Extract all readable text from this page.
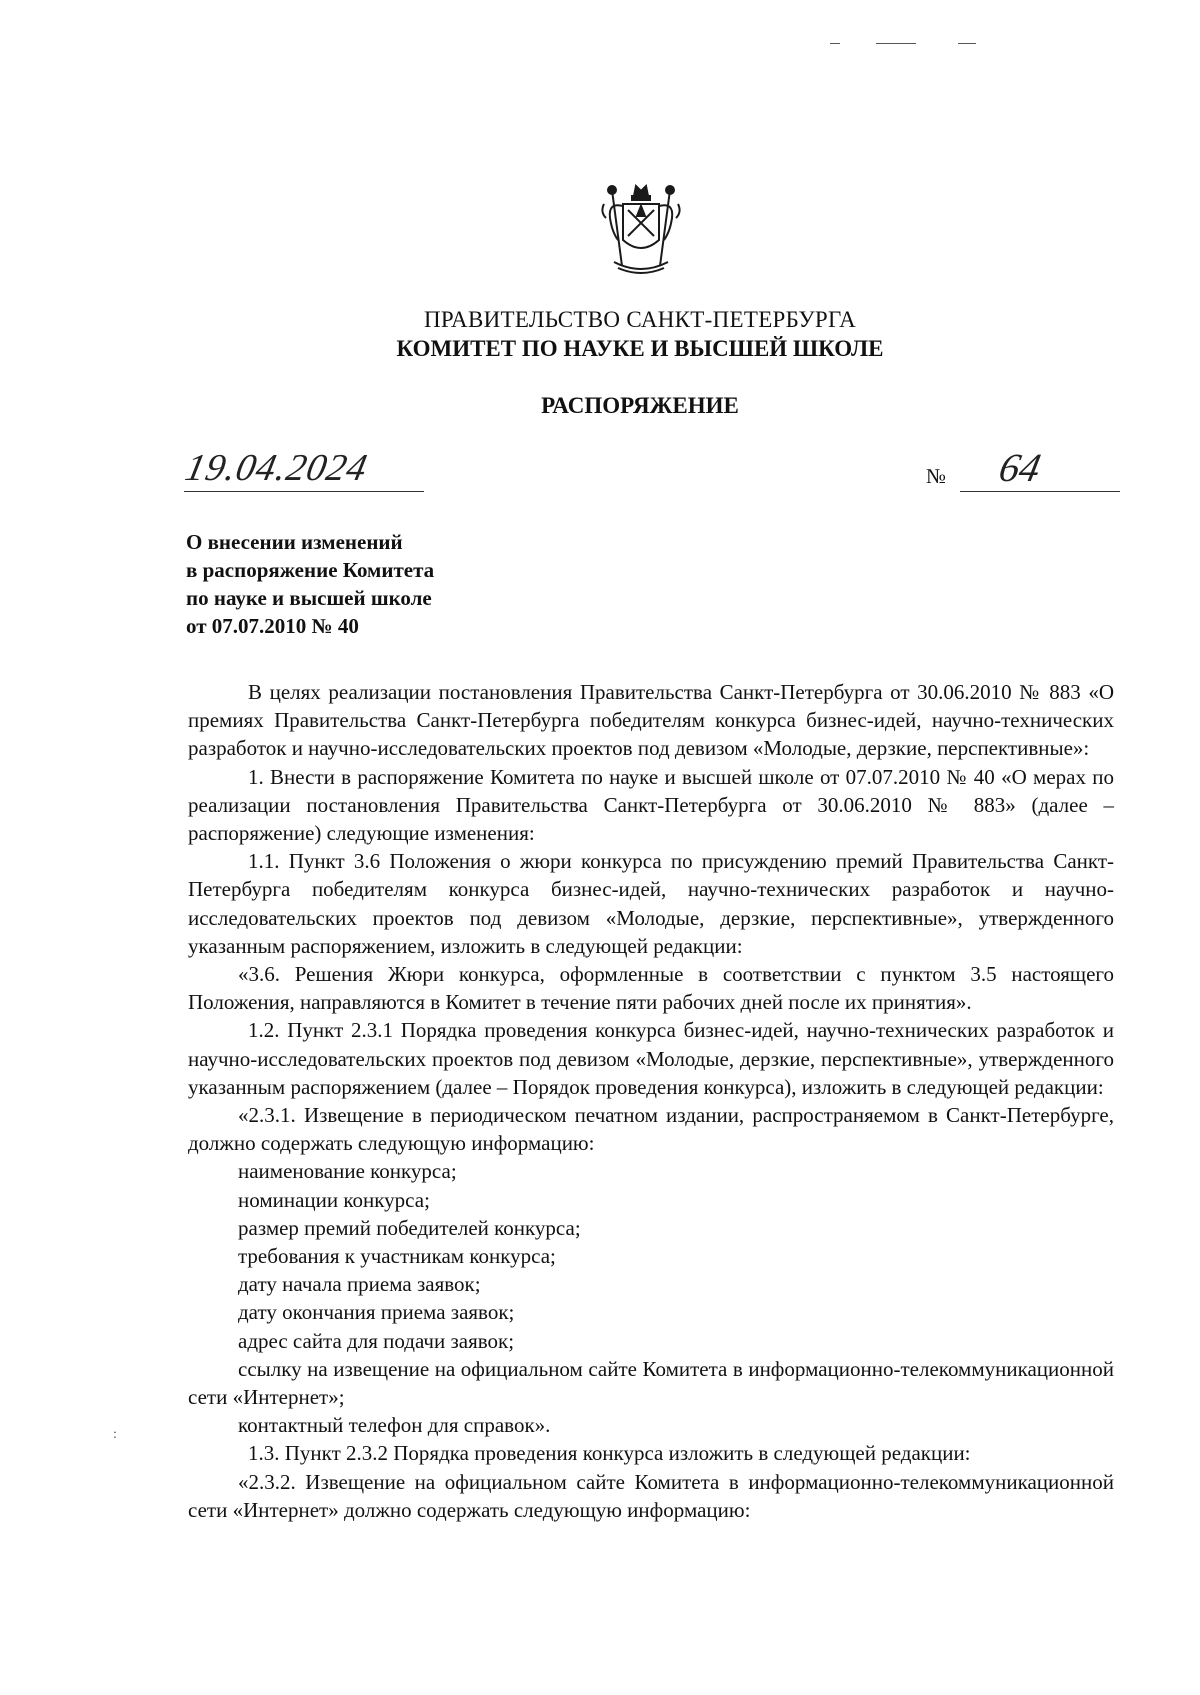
:
ПРАВИТЕЛЬСТВО САНКТ-ПЕТЕРБУРГА
КОМИТЕТ ПО НАУКЕ И ВЫСШЕЙ ШКОЛЕ
РАСПОРЯЖЕНИЕ
19.04.2024	№ 64
О внесении изменений
в распоряжение Комитета
по науке и высшей школе
от 07.07.2010 № 40

В целях реализации постановления Правительства Санкт-Петербурга от 30.06.2010 № 883 «О премиях Правительства Санкт-Петербурга победителям конкурса бизнес-идей, научно-технических разработок и научно-исследовательских проектов под девизом «Молодые, дерзкие, перспективные»:

1. Внести в распоряжение Комитета по науке и высшей школе от 07.07.2010 № 40 «О мерах по реализации постановления Правительства Санкт-Петербурга от 30.06.2010 № 883» (далее – распоряжение) следующие изменения:

1.1. Пункт 3.6 Положения о жюри конкурса по присуждению премий Правительства Санкт-Петербурга победителям конкурса бизнес-идей, научно-технических разработок и научно-исследовательских проектов под девизом «Молодые, дерзкие, перспективные», утвержденного указанным распоряжением, изложить в следующей редакции:

«3.6. Решения Жюри конкурса, оформленные в соответствии с пунктом 3.5 настоящего Положения, направляются в Комитет в течение пяти рабочих дней после их принятия».

1.2. Пункт 2.3.1 Порядка проведения конкурса бизнес-идей, научно-технических разработок и научно-исследовательских проектов под девизом «Молодые, дерзкие, перспективные», утвержденного указанным распоряжением (далее – Порядок проведения конкурса), изложить в следующей редакции:

«2.3.1. Извещение в периодическом печатном издании, распространяемом в Санкт-Петербурге, должно содержать следующую информацию:

наименование конкурса;

номинации конкурса;

размер премий победителей конкурса;

требования к участникам конкурса;

дату начала приема заявок;

дату окончания приема заявок;

адрес сайта для подачи заявок;

ссылку на извещение на официальном сайте Комитета в информационно-телекоммуникационной сети «Интернет»;

контактный телефон для справок».

1.3. Пункт 2.3.2 Порядка проведения конкурса изложить в следующей редакции:

«2.3.2. Извещение на официальном сайте Комитета в информационно-телекоммуникационной сети «Интернет» должно содержать следующую информацию:
